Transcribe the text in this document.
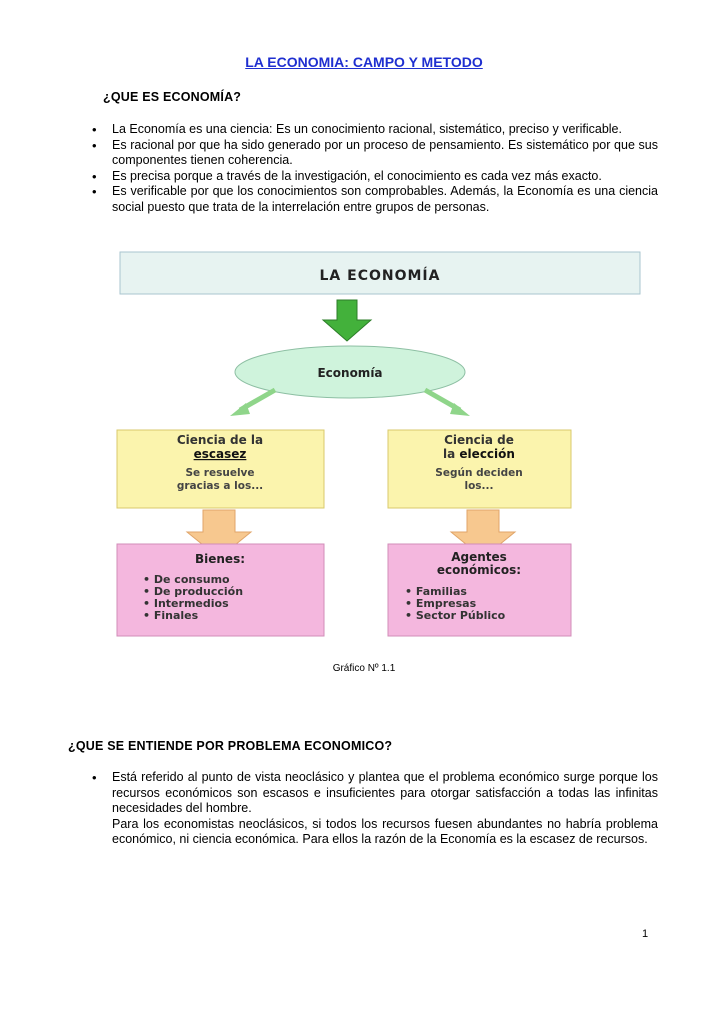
LA ECONOMIA: CAMPO Y METODO
¿QUE ES ECONOMÍA?

• La Economía es una ciencia: Es un conocimiento racional, sistemático, preciso y verificable.

• Es racional por que ha sido generado por un proceso de pensamiento. Es sistemático por que sus componentes tienen coherencia.

• Es precisa porque a través de la investigación, el conocimiento es cada vez más exacto.

• Es verificable por que los conocimientos son comprobables. Además, la Economía es una ciencia social puesto que trata de la interrelación entre grupos de personas.

LA ECONOMÍA
Economía
Ciencia de la
escasez
Se resuelve
gracias a los...
Ciencia de
la elección
Según deciden
los...
Bienes:
• De consumo
• De producción
• Intermedios
• Finales
Agentes
económicos:
• Familias
• Empresas
• Sector Público
Gráfico Nº 1.1
¿QUE SE ENTIENDE POR PROBLEMA ECONOMICO?

• Está referido al punto de vista neoclásico y plantea que el problema económico surge porque los recursos económicos son escasos e insuficientes para otorgar satisfacción a todas las infinitas necesidades del hombre.

Para los economistas neoclásicos, si todos los recursos fuesen abundantes no habría problema económico, ni ciencia económica. Para ellos la razón de la Economía es la escasez de recursos.

1
